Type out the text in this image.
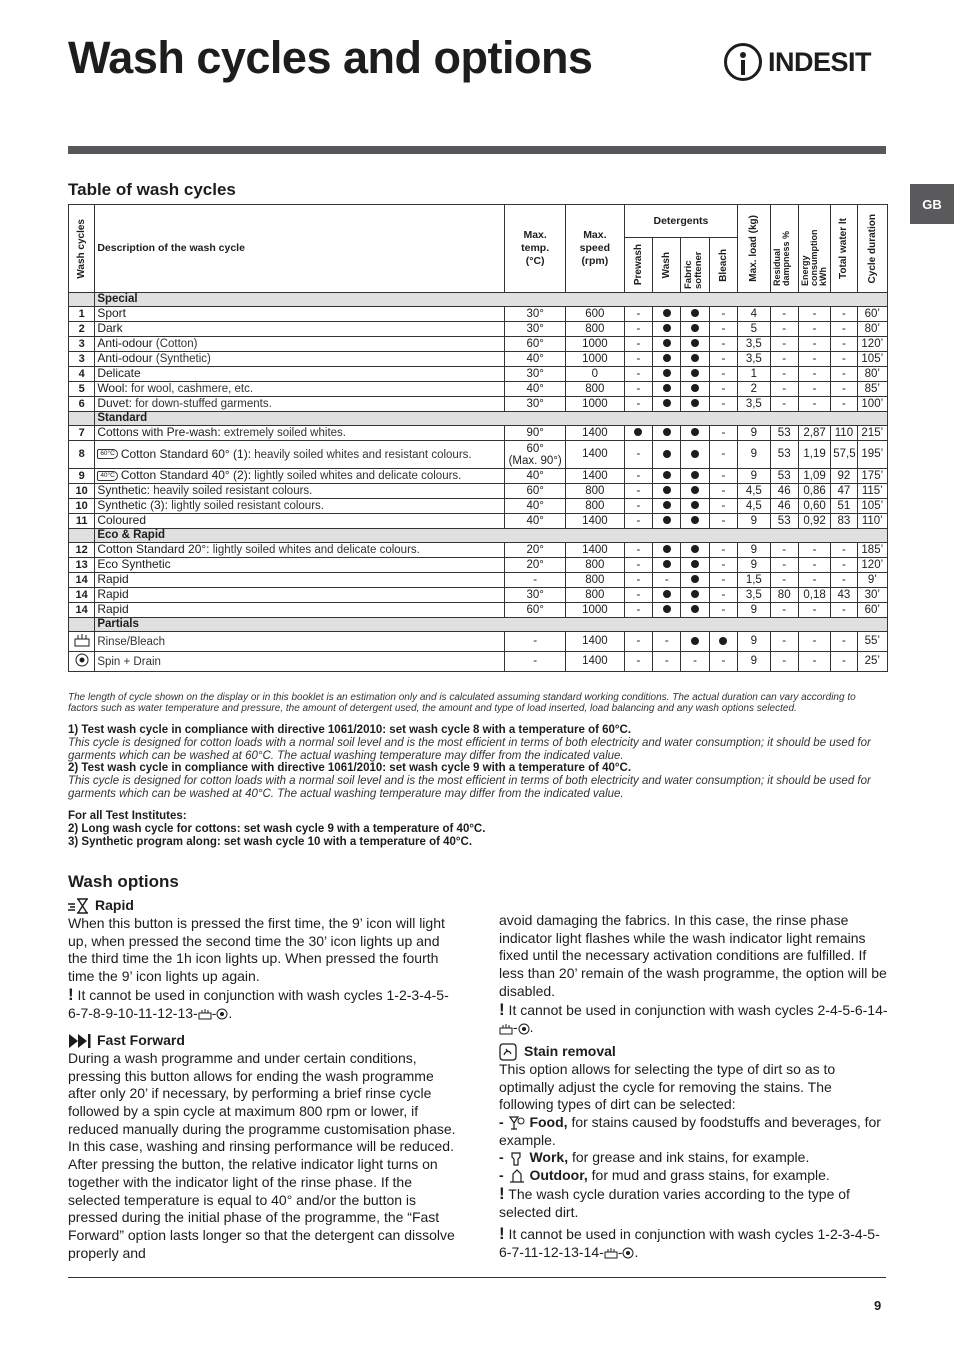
Wash cycles and options	INDESIT
GB
Table of wash cycles
Wash cycles	Description of the wash cycle	Max. temp. (°C)	Max. speed (rpm)	Detergents				Max. load (kg)	Residual dampness %	Energy consumption kWh	Total water lt	Cycle duration

				Prewash	Wash	Fabric softener	Bleach					

	Special											
1	Sport	30°	600	-			-	4	-	-	-	60’
2	Dark	30°	800	-			-	5	-	-	-	80’
3	Anti-odour (Cotton)	60°	1000	-			-	3,5	-	-	-	120’
3	Anti-odour (Synthetic)	40°	1000	-			-	3,5	-	-	-	105’
4	Delicate	30°	0	-			-	1	-	-	-	80’
5	Wool: for wool, cashmere, etc.	40°	800	-			-	2	-	-	-	85’
6	Duvet: for down-stuffed garments.	30°	1000	-			-	3,5	-	-	-	100’
	Standard											
7	Cottons with Pre-wash: extremely soiled whites.	90°	1400				-	9	53	2,87	110	215’
8	60°C Cotton Standard 60° (1): heavily soiled whites and resistant colours.	60°
(Max. 90°)	1400	-			-	9	53	1,19	57,5	195’
9	40°C Cotton Standard 40° (2): lightly soiled whites and delicate colours.	40°	1400	-			-	9	53	1,09	92	175’
10	Synthetic: heavily soiled resistant colours.	60°	800	-			-	4,5	46	0,86	47	115’
10	Synthetic (3): lightly soiled resistant colours.	40°	800	-			-	4,5	46	0,60	51	105’
11	Coloured	40°	1400	-			-	9	53	0,92	83	110’
	Eco & Rapid											
12	Cotton Standard 20°: lightly soiled whites and delicate colours.	20°	1400	-			-	9	-	-	-	185’
13	Eco Synthetic	20°	800	-			-	9	-	-	-	120’
14	Rapid	-	800	-	-		-	1,5	-	-	-	9’
14	Rapid	30°	800	-			-	3,5	80	0,18	43	30’
14	Rapid	60°	1000	-			-	9	-	-	-	60’
	Partials											
	Rinse/Bleach	-	1400	-	-			9	-	-	-	55’
	Spin + Drain	-	1400	-	-	-	-	9	-	-	-	25’
The length of cycle shown on the display or in this booklet is an estimation only and is calculated assuming standard working conditions. The actual duration can vary according to factors such as water temperature and pressure, the amount of detergent used, the amount and type of load inserted, load balancing and any wash options selected.
1) Test wash cycle in compliance with directive 1061/2010: set wash cycle 8 with a temperature of 60°C.
This cycle is designed for cotton loads with a normal soil level and is the most efficient in terms of both electricity and water consumption; it should be used for garments which can be washed at 60°C. The actual washing temperature may differ from the indicated value.
2) Test wash cycle in compliance with directive 1061/2010: set wash cycle 9 with a temperature of 40°C.
This cycle is designed for cotton loads with a normal soil level and is the most efficient in terms of both electricity and water consumption; it should be used for garments which can be washed at 40°C. The actual washing temperature may differ from the indicated value.
For all Test Institutes:
2) Long wash cycle for cottons: set wash cycle 9 with a temperature of 40°C.
3) Synthetic program along: set wash cycle 10 with a temperature of 40°C.
Wash options
Rapid
When this button is pressed the first time, the 9’ icon will light up, when pressed the second time the 30’ icon lights up and the third time the 1h icon lights up. When pressed the fourth time the 9’ icon lights up again.
! It cannot be used in conjunction with wash cycles 1-2-3-4-5-6-7-8-9-10-11-12-13- - .
Fast Forward
During a wash programme and under certain conditions, pressing this button allows for ending the wash programme after only 20’ if necessary, by performing a brief rinse cycle followed by a spin cycle at maximum 800 rpm or lower, if reduced manually during the programme customisation phase. In this case, washing and rinsing performance will be reduced. After pressing the button, the relative indicator light turns on together with the indicator light of the rinse phase. If the selected temperature is equal to 40° and/or the button is pressed during the initial phase of the programme, the “Fast Forward” option lasts longer so that the detergent can dissolve properly and
avoid damaging the fabrics. In this case, the rinse phase indicator light flashes while the wash indicator light remains fixed until the necessary activation conditions are fulfilled. If less than 20’ remain of the wash programme, the option will be disabled.
! It cannot be used in conjunction with wash cycles 2-4-5-6-14-- .
Stain removal
This option allows for selecting the type of dirt so as to optimally adjust the cycle for removing the stains. The following types of dirt can be selected:
-  Food, for stains caused by foodstuffs and beverages, for example.
-  Work, for grease and ink stains, for example.
-  Outdoor, for mud and grass stains, for example.
! The wash cycle duration varies according to the type of selected dirt.
! It cannot be used in conjunction with wash cycles 1-2-3-4-5-6-7-11-12-13-14- - .
9
